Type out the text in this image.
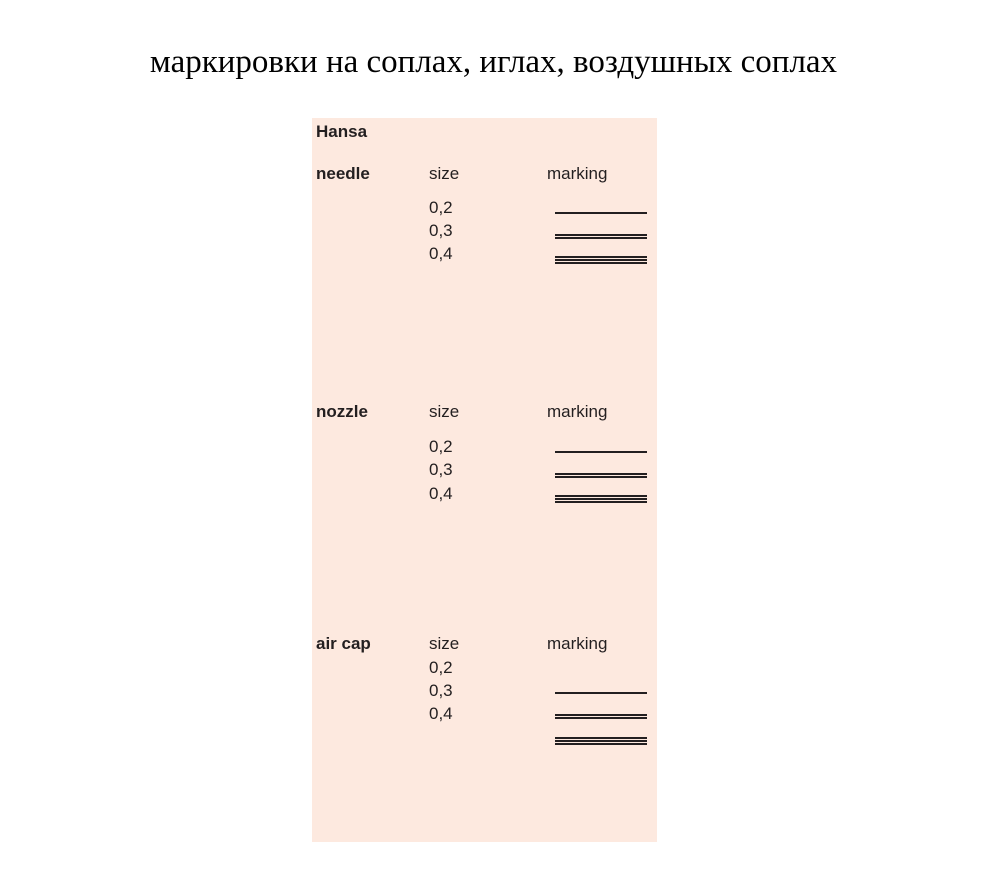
маркировки на соплах, иглах, воздушных соплах
Hansa
needle	size	marking
0,2
0,3
0,4
nozzle	size	marking
0,2
0,3
0,4
air cap	size	marking
0,2
0,3
0,4
